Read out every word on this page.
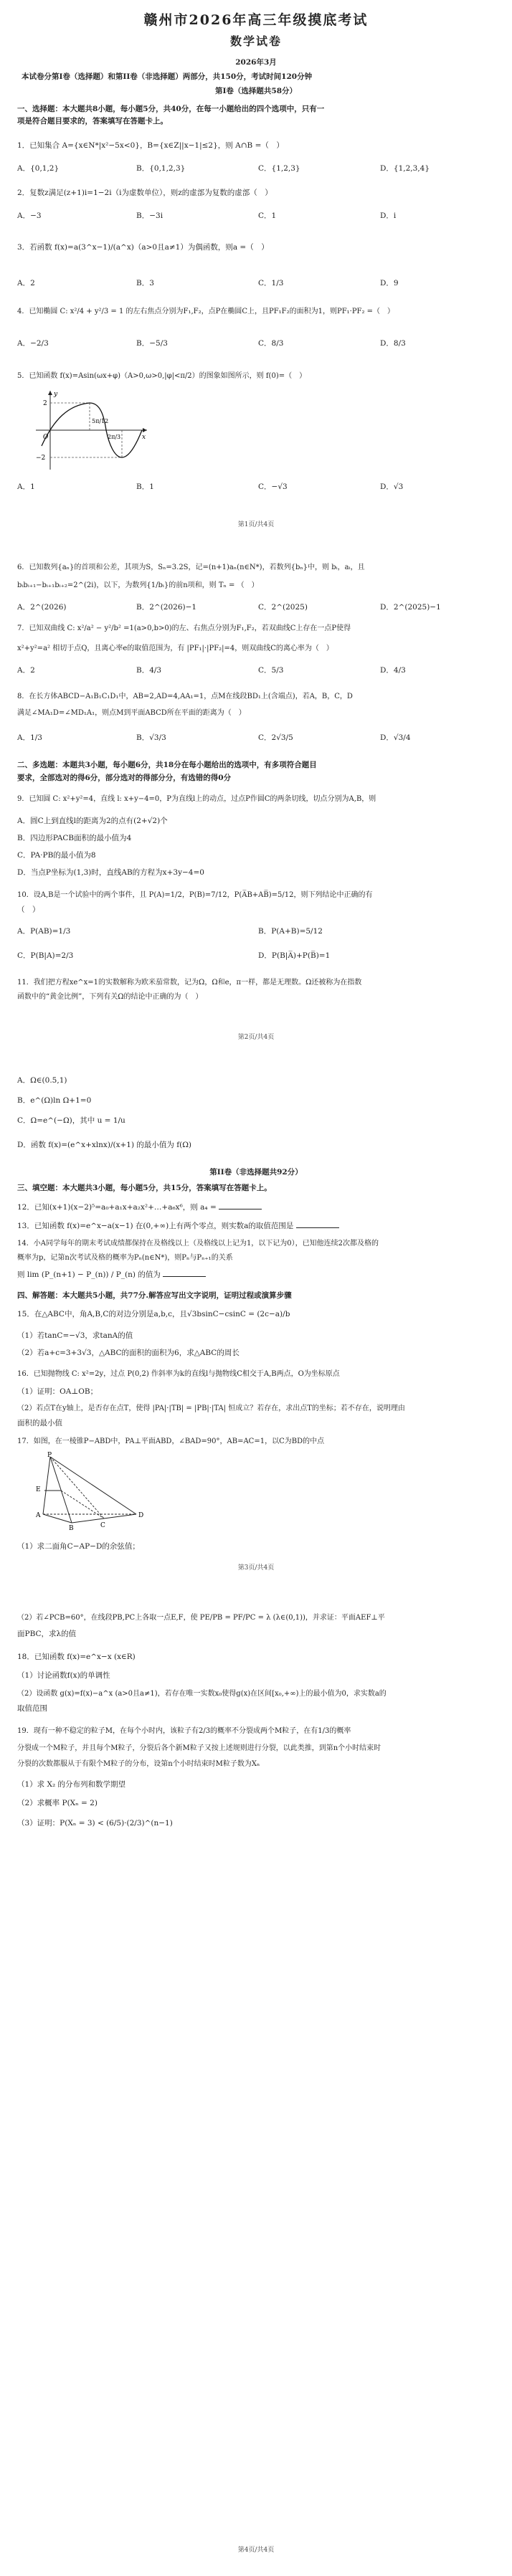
赣州市2026年高三年级摸底考试
数学试卷
2026年3月
本试卷分第I卷（选择题）和第II卷（非选择题）两部分，共150分，考试时间120分钟
第I卷（选择题共58分）
一、选择题：本大题共8小题，每小题5分，共40分，在每一小题给出的四个选项中，只有一
项是符合题目要求的，答案填写在答题卡上。
1．已知集合 A={x∈N*|x²−5x<0}，B={x∈Z||x−1|≤2}，则 A∩B =（　）
A．{0,1,2}	B．{0,1,2,3}	C．{1,2,3}	D．{1,2,3,4}
2．复数z满足(z+1)i=1−2i（i为虚数单位），则z的虚部为复数的虚部（　）
A．−3	B．−3i	C．1	D．i
3．若函数 f(x)=a(3^x−1)/(a^x)（a>0且a≠1）为偶函数，则a =（　）
A．2	B．3	C．1/3	D．9
4．已知椭圆 C: x²/4 + y²/3 = 1 的左右焦点分别为F₁,F₂，点P在椭圆C上，且PF₁F₂的面积为1，则PF₁·PF₂ =（　）
A．−2/3	B．−5/3	C．8/3	D．8/3
5．已知函数 f(x)=Asin(ωx+φ)（A>0,ω>0,|φ|<π/2）的图象如图所示，则 f(0)=（　）
2
−2
O
y
x
5π/12
2π/3
A．1	B．1	C．−√3	D．√3
第1页/共4页
6．已知数列{aₙ}的首项和公差，其项为S，Sₙ=3.2S，记=(n+1)aₙ(n∈N*)，若数列{bₙ}中，则 bᵢ，aᵢ，且
bᵢbᵢ₊₁−bᵢ₊₁bᵢ₊₂=2^(2i)，以下，为数列{1/bᵢ}的前n项和，则 Tₙ = （　）
A．2^(2026)	B．2^(2026)−1	C．2^(2025)	D．2^(2025)−1
7．已知双曲线 C: x²/a² − y²/b² =1(a>0,b>0)的左、右焦点分别为F₁,F₂，若双曲线C上存在一点P使得
x²+y²=a² 相切于点Q，且离心率e的取值范围为，有 |PF₁|·|PF₂|=4，则双曲线C的离心率为（　）
A．2	B．4/3	C．5/3	D．4/3
8．在长方体ABCD−A₁B₁C₁D₁中，AB=2,AD=4,AA₁=1，点M在线段BD₁上(含端点)，若A，B，C，D
满足∠MA₁D=∠MD₁A₁，则点M到平面ABCD所在平面的距离为（　）
A．1/3	B．√3/3	C．2√3/5	D．√3/4
二、多选题：本题共3小题，每小题6分，共18分在每小题给出的选项中，有多项符合题目
要求，全部选对的得6分，部分选对的得部分分，有选错的得0分
9．已知圆 C: x²+y²=4，直线 l: x+y−4=0，P为直线l上的动点，过点P作圆C的两条切线，切点分别为A,B，则
A．圆C上到直线l的距离为2的点有(2+√2)个
B．四边形PACB面积的最小值为4
C．PA·PB的最小值为8
D．当点P坐标为(1,3)时，直线AB的方程为x+3y−4=0
10．设A,B是一个试验中的两个事件，且 P(A)=1/2，P(B)=7/12，P(A̅B+AB̅)=5/12，则下列结论中正确的有
（　）
A．P(AB)=1/3	B．P(A+B)=5/12
C．P(B|A)=2/3	D．P(B|A̅)+P(B̅)=1
11．我们把方程xe^x=1的实数解称为欧米茄常数，记为Ω，Ω和e，π一样，都是无理数。Ω还被称为在指数
函数中的“黄金比例”，下列有关Ω的结论中正确的为（　）
第2页/共4页
A．Ω∈(0.5,1)
B．e^(Ω)ln Ω+1=0
C．Ω=e^(−Ω)，其中 u = 1/u
D．函数 f(x)=(e^x+xlnx)/(x+1) 的最小值为 f(Ω)
第II卷（非选择题共92分）
三、填空题：本大题共3小题，每小题5分，共15分，答案填写在答题卡上。
12．已知(x+1)(x−2)⁵=a₀+a₁x+a₂x²+…+a₆x⁶，则 a₄ =
13．已知函数 f(x)=e^x−a(x−1) 在(0,+∞)上有两个零点，则实数a的取值范围是
14．小A同学每年的期末考试成绩都保持在及格线以上（及格线以上记为1，以下记为0），已知他连续2次都及格的
概率为p，记第n次考试及格的概率为Pₙ(n∈N*)，则Pₙ与Pₙ₊₁的关系
则 lim (P_(n+1) − P_(n)) / P_(n) 的值为
四、解答题：本大题共5小题，共77分.解答应写出文字说明，证明过程或演算步骤
15．在△ABC中，角A,B,C的对边分别是a,b,c，且√3bsinC−csinC = (2c−a)/b
（1）若tanC=−√3，求tanA的值
（2）若a+c=3+3√3，△ABC的面积的面积为6，求△ABC的周长
16．已知抛物线 C: x²=2y，过点 P(0,2) 作斜率为k的直线l与抛物线C相交于A,B两点，O为坐标原点
（1）证明：OA⊥OB；
（2）若点T在y轴上，是否存在点T，使得 |PA|·|TB| = |PB|·|TA| 恒成立？若存在，求出点T的坐标；若不存在，说明理由
面积的最小值
17．如图，在一棱锥P−ABD中，PA⊥平面ABD，∠BAD=90°，AB=AC=1，以C为BD的中点
P
A
B	C
D
E
（1）求二面角C−AP−D的余弦值；
第3页/共4页
（2）若∠PCB=60°，在线段PB,PC上各取一点E,F，使 PE/PB = PF/PC = λ (λ∈(0,1))，并求证：平面AEF⊥平
面PBC，求λ的值
18．已知函数 f(x)=e^x−x (x∈R)
（1）讨论函数f(x)的单调性
（2）设函数 g(x)=f(x)−a^x (a>0且a≠1)，若存在唯一实数x₀使得g(x)在区间[x₀,+∞)上的最小值为0，求实数a的
取值范围
19．现有一种不稳定的粒子M，在每个小时内，该粒子有2/3的概率不分裂成两个M粒子，在有1/3的概率
分裂成一个M粒子，并且每个M粒子，分裂后各个新M粒子又按上述规则进行分裂，以此类推，到第n个小时结束时
分裂的次数都服从于有限个M粒子的分布，设第n个小时结束时M粒子数为Xₙ
（1）求 X₂ 的分布列和数学期望
（2）求概率 P(Xₙ = 2)
（3）证明：P(Xₙ = 3) < (6/5)·(2/3)^(n−1)
第4页/共4页
